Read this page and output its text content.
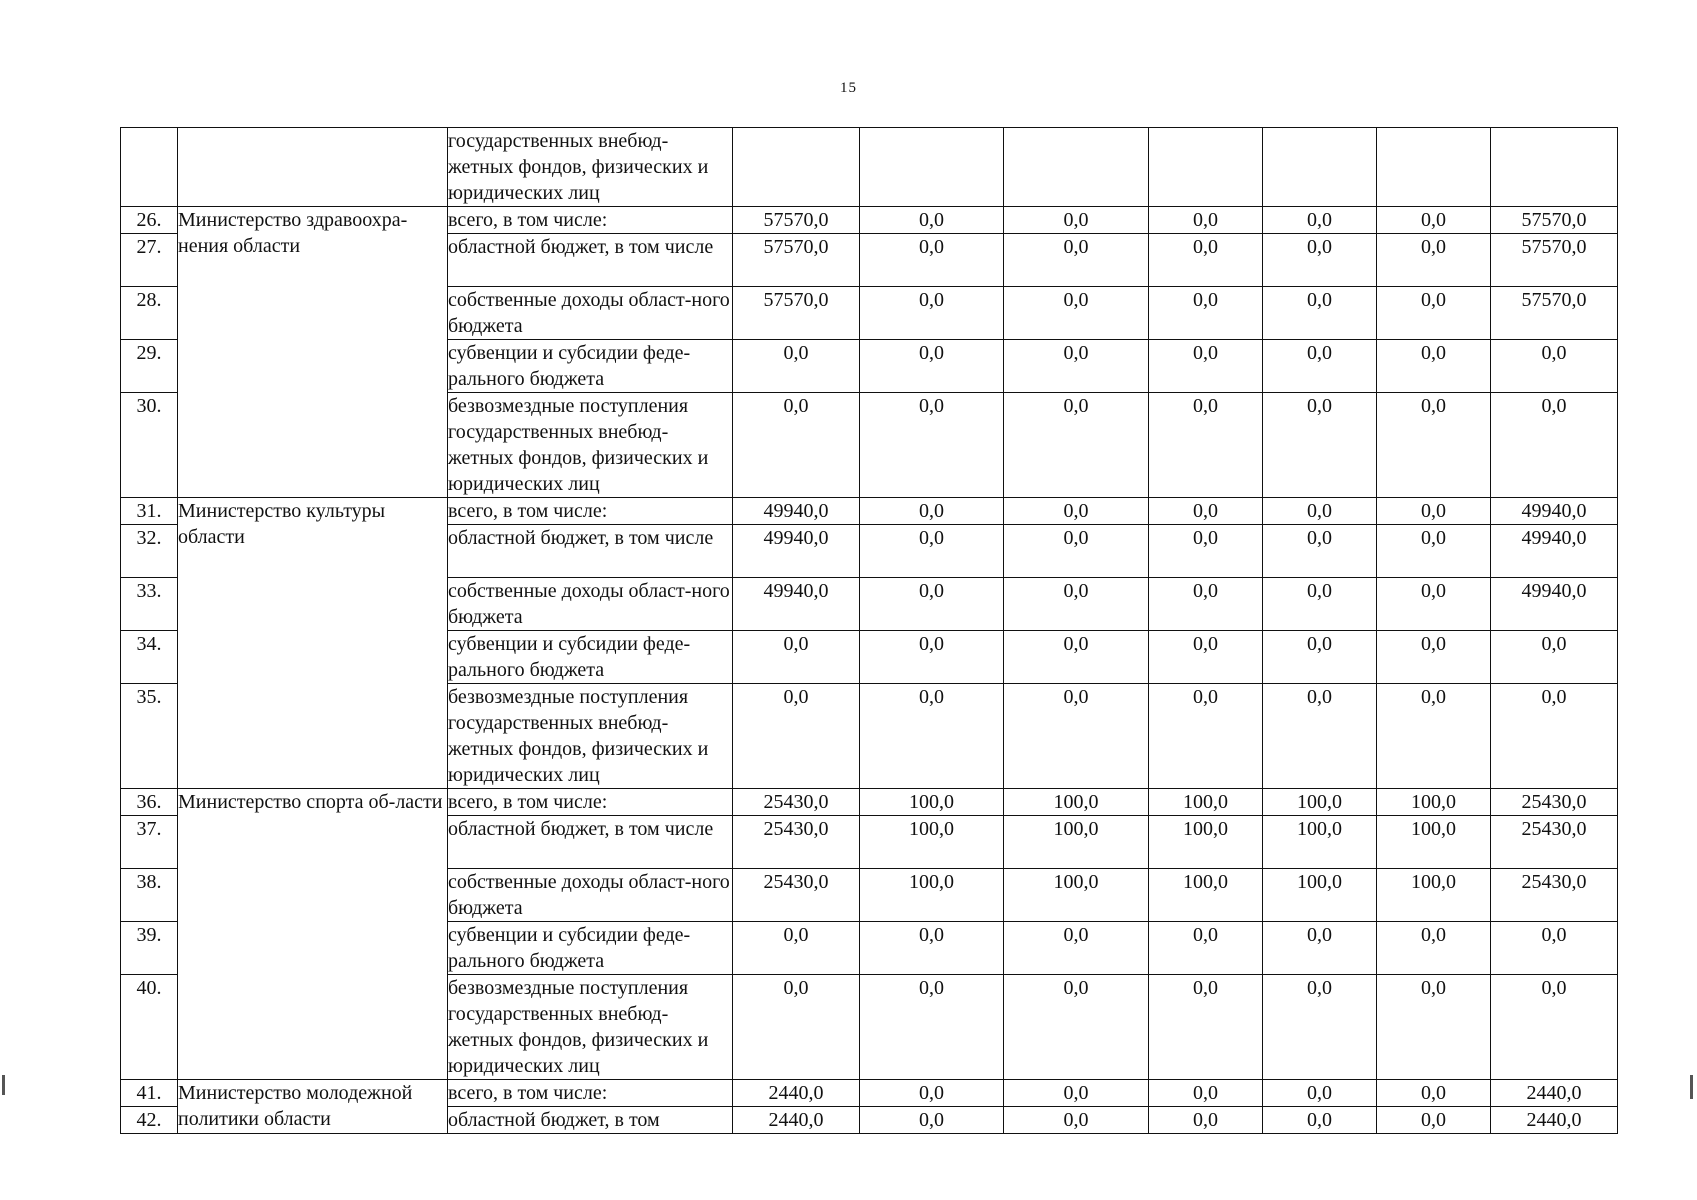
15
		государственных внебюд-жетных фондов, физических и юридических лиц							
26.	Министерство здравоохра-нения области	всего, в том числе:	57570,0	0,0	0,0	0,0	0,0	0,0	57570,0
27.		областной бюджет, в том числе	57570,0	0,0	0,0	0,0	0,0	0,0	57570,0
28.		собственные доходы област-ного бюджета	57570,0	0,0	0,0	0,0	0,0	0,0	57570,0
29.		субвенции и субсидии феде-рального бюджета	0,0	0,0	0,0	0,0	0,0	0,0	0,0
30.		безвозмездные поступления государственных внебюд-жетных фондов, физических и юридических лиц	0,0	0,0	0,0	0,0	0,0	0,0	0,0
31.	Министерство культуры области	всего, в том числе:	49940,0	0,0	0,0	0,0	0,0	0,0	49940,0
32.		областной бюджет, в том числе	49940,0	0,0	0,0	0,0	0,0	0,0	49940,0
33.		собственные доходы област-ного бюджета	49940,0	0,0	0,0	0,0	0,0	0,0	49940,0
34.		субвенции и субсидии феде-рального бюджета	0,0	0,0	0,0	0,0	0,0	0,0	0,0
35.		безвозмездные поступления государственных внебюд-жетных фондов, физических и юридических лиц	0,0	0,0	0,0	0,0	0,0	0,0	0,0
36.	Министерство спорта об-ласти	всего, в том числе:	25430,0	100,0	100,0	100,0	100,0	100,0	25430,0
37.		областной бюджет, в том числе	25430,0	100,0	100,0	100,0	100,0	100,0	25430,0
38.		собственные доходы област-ного бюджета	25430,0	100,0	100,0	100,0	100,0	100,0	25430,0
39.		субвенции и субсидии феде-рального бюджета	0,0	0,0	0,0	0,0	0,0	0,0	0,0
40.		безвозмездные поступления государственных внебюд-жетных фондов, физических и юридических лиц	0,0	0,0	0,0	0,0	0,0	0,0	0,0
41.	Министерство молодежной политики области	всего, в том числе:	2440,0	0,0	0,0	0,0	0,0	0,0	2440,0
42.		областной бюджет, в том	2440,0	0,0	0,0	0,0	0,0	0,0	2440,0
